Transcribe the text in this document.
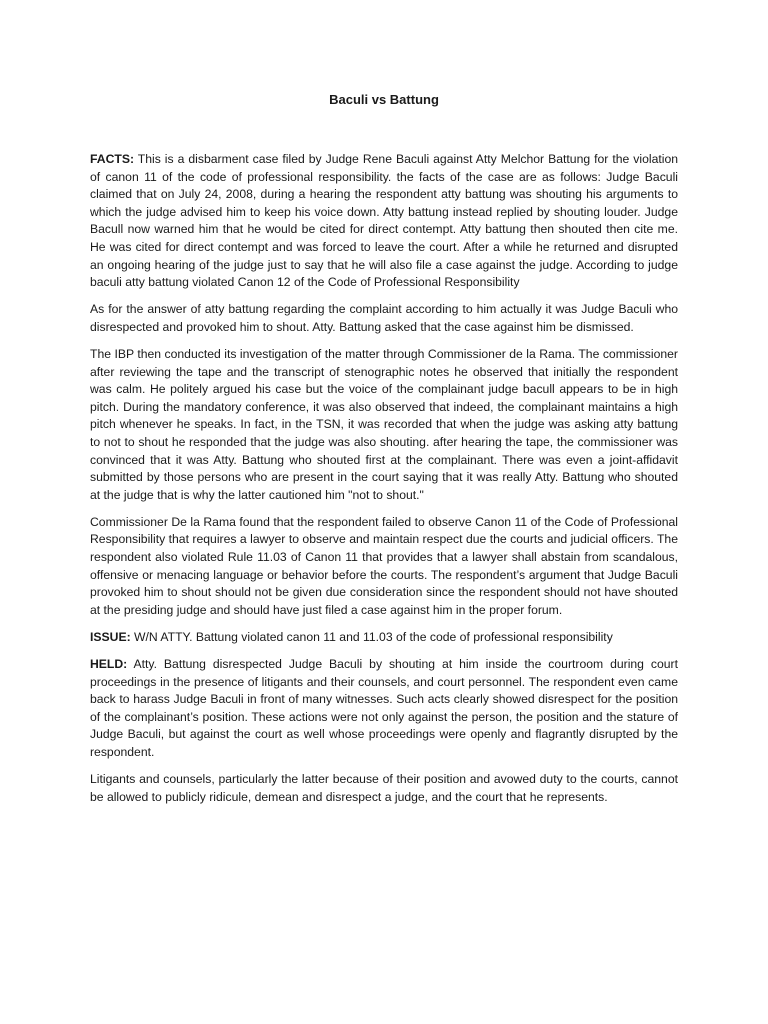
Baculi vs Battung

FACTS: This is a disbarment case filed by Judge Rene Baculi against Atty Melchor Battung for the violation of canon 11 of the code of professional responsibility. the facts of the case are as follows: Judge Baculi claimed that on July 24, 2008, during a hearing the respondent atty battung was shouting his arguments to which the judge advised him to keep his voice down. Atty battung instead replied by shouting louder. Judge Bacull now warned him that he would be cited for direct contempt. Atty battung then shouted then cite me. He was cited for direct contempt and was forced to leave the court. After a while he returned and disrupted an ongoing hearing of the judge just to say that he will also file a case against the judge. According to judge baculi atty battung violated Canon 12 of the Code of Professional Responsibility

As for the answer of atty battung regarding the complaint according to him actually it was Judge Baculi who disrespected and provoked him to shout. Atty. Battung asked that the case against him be dismissed.

The IBP then conducted its investigation of the matter through Commissioner de la Rama. The commissioner after reviewing the tape and the transcript of stenographic notes he observed that initially the respondent was calm. He politely argued his case but the voice of the complainant judge bacull appears to be in high pitch. During the mandatory conference, it was also observed that indeed, the complainant maintains a high pitch whenever he speaks. In fact, in the TSN, it was recorded that when the judge was asking atty battung to not to shout he responded that the judge was also shouting. after hearing the tape, the commissioner was convinced that it was Atty. Battung who shouted first at the complainant. There was even a joint-affidavit submitted by those persons who are present in the court saying that it was really Atty. Battung who shouted at the judge that is why the latter cautioned him "not to shout."

Commissioner De la Rama found that the respondent failed to observe Canon 11 of the Code of Professional Responsibility that requires a lawyer to observe and maintain respect due the courts and judicial officers. The respondent also violated Rule 11.03 of Canon 11 that provides that a lawyer shall abstain from scandalous, offensive or menacing language or behavior before the courts. The respondent’s argument that Judge Baculi provoked him to shout should not be given due consideration since the respondent should not have shouted at the presiding judge and should have just filed a case against him in the proper forum.

ISSUE: W/N ATTY. Battung violated canon 11 and 11.03 of the code of professional responsibility

HELD: Atty. Battung disrespected Judge Baculi by shouting at him inside the courtroom during court proceedings in the presence of litigants and their counsels, and court personnel. The respondent even came back to harass Judge Baculi in front of many witnesses. Such acts clearly showed disrespect for the position of the complainant’s position. These actions were not only against the person, the position and the stature of Judge Baculi, but against the court as well whose proceedings were openly and flagrantly disrupted by the respondent.

Litigants and counsels, particularly the latter because of their position and avowed duty to the courts, cannot be allowed to publicly ridicule, demean and disrespect a judge, and the court that he represents.
